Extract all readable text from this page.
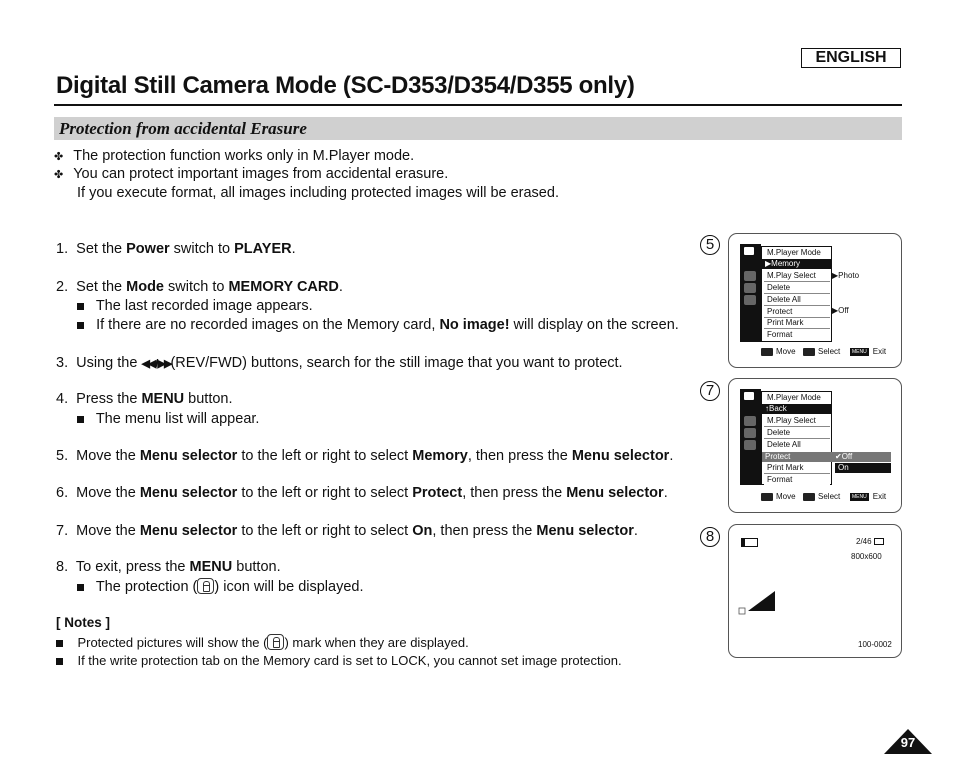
ENGLISH
Digital Still Camera Mode (SC-D353/D354/D355 only)
Protection from accidental Erasure
✤ The protection function works only in M.Player mode.
✤ You can protect important images from accidental erasure.
If you execute format, all images including protected images will be erased.
1. Set the Power switch to PLAYER.
2. Set the Mode switch to MEMORY CARD.
The last recorded image appears.
If there are no recorded images on the Memory card, No image! will display on the screen.
3. Using the ◀◀ / ▶▶(REV/FWD) buttons, search for the still image that you want to protect.
4. Press the MENU button.
The menu list will appear.
5. Move the Menu selector to the left or right to select Memory, then press the Menu selector.
6. Move the Menu selector to the left or right to select Protect, then press the Menu selector.
7. Move the Menu selector to the left or right to select On, then press the Menu selector.
8. To exit, press the MENU button.
The protection ( ) icon will be displayed.
[ Notes ]
Protected pictures will show the ( ) mark when they are displayed.
If the write protection tab on the Memory card is set to LOCK, you cannot set image protection.
97
5	M.Player Mode
▶Memory
M.Play Select
Delete
Delete All
Protect
Print Mark
Format
▶Photo
▶Off
Move	Select	MENU Exit
7	M.Player Mode
↑Back
M.Play Select
Delete
Delete All
Protect
Print Mark
Format
✔Off
On
Move	Select	MENU Exit
8	2/46
800x600
100-0002
